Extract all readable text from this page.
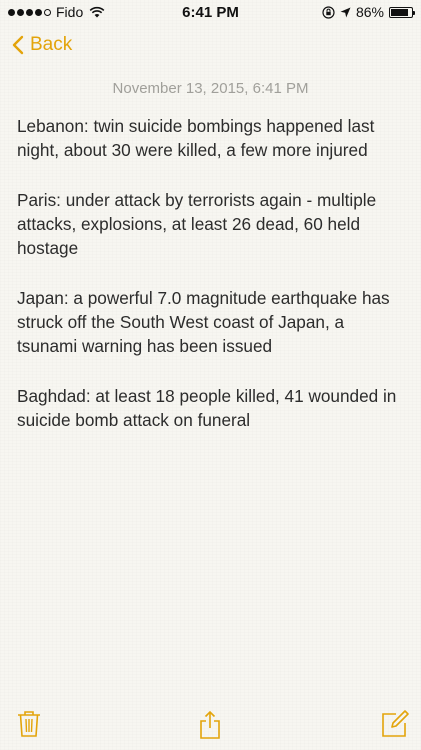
Fido	6:41 PM	86%
Back
November 13, 2015, 6:41 PM

Lebanon: twin suicide bombings happened last night, about 30 were killed, a few more injured

Paris: under attack by terrorists again - multiple attacks, explosions, at least 26 dead, 60 held hostage

Japan: a powerful 7.0 magnitude earthquake has struck off the South West coast of Japan, a tsunami warning has been issued

Baghdad: at least 18 people killed, 41 wounded in suicide bomb attack on funeral
